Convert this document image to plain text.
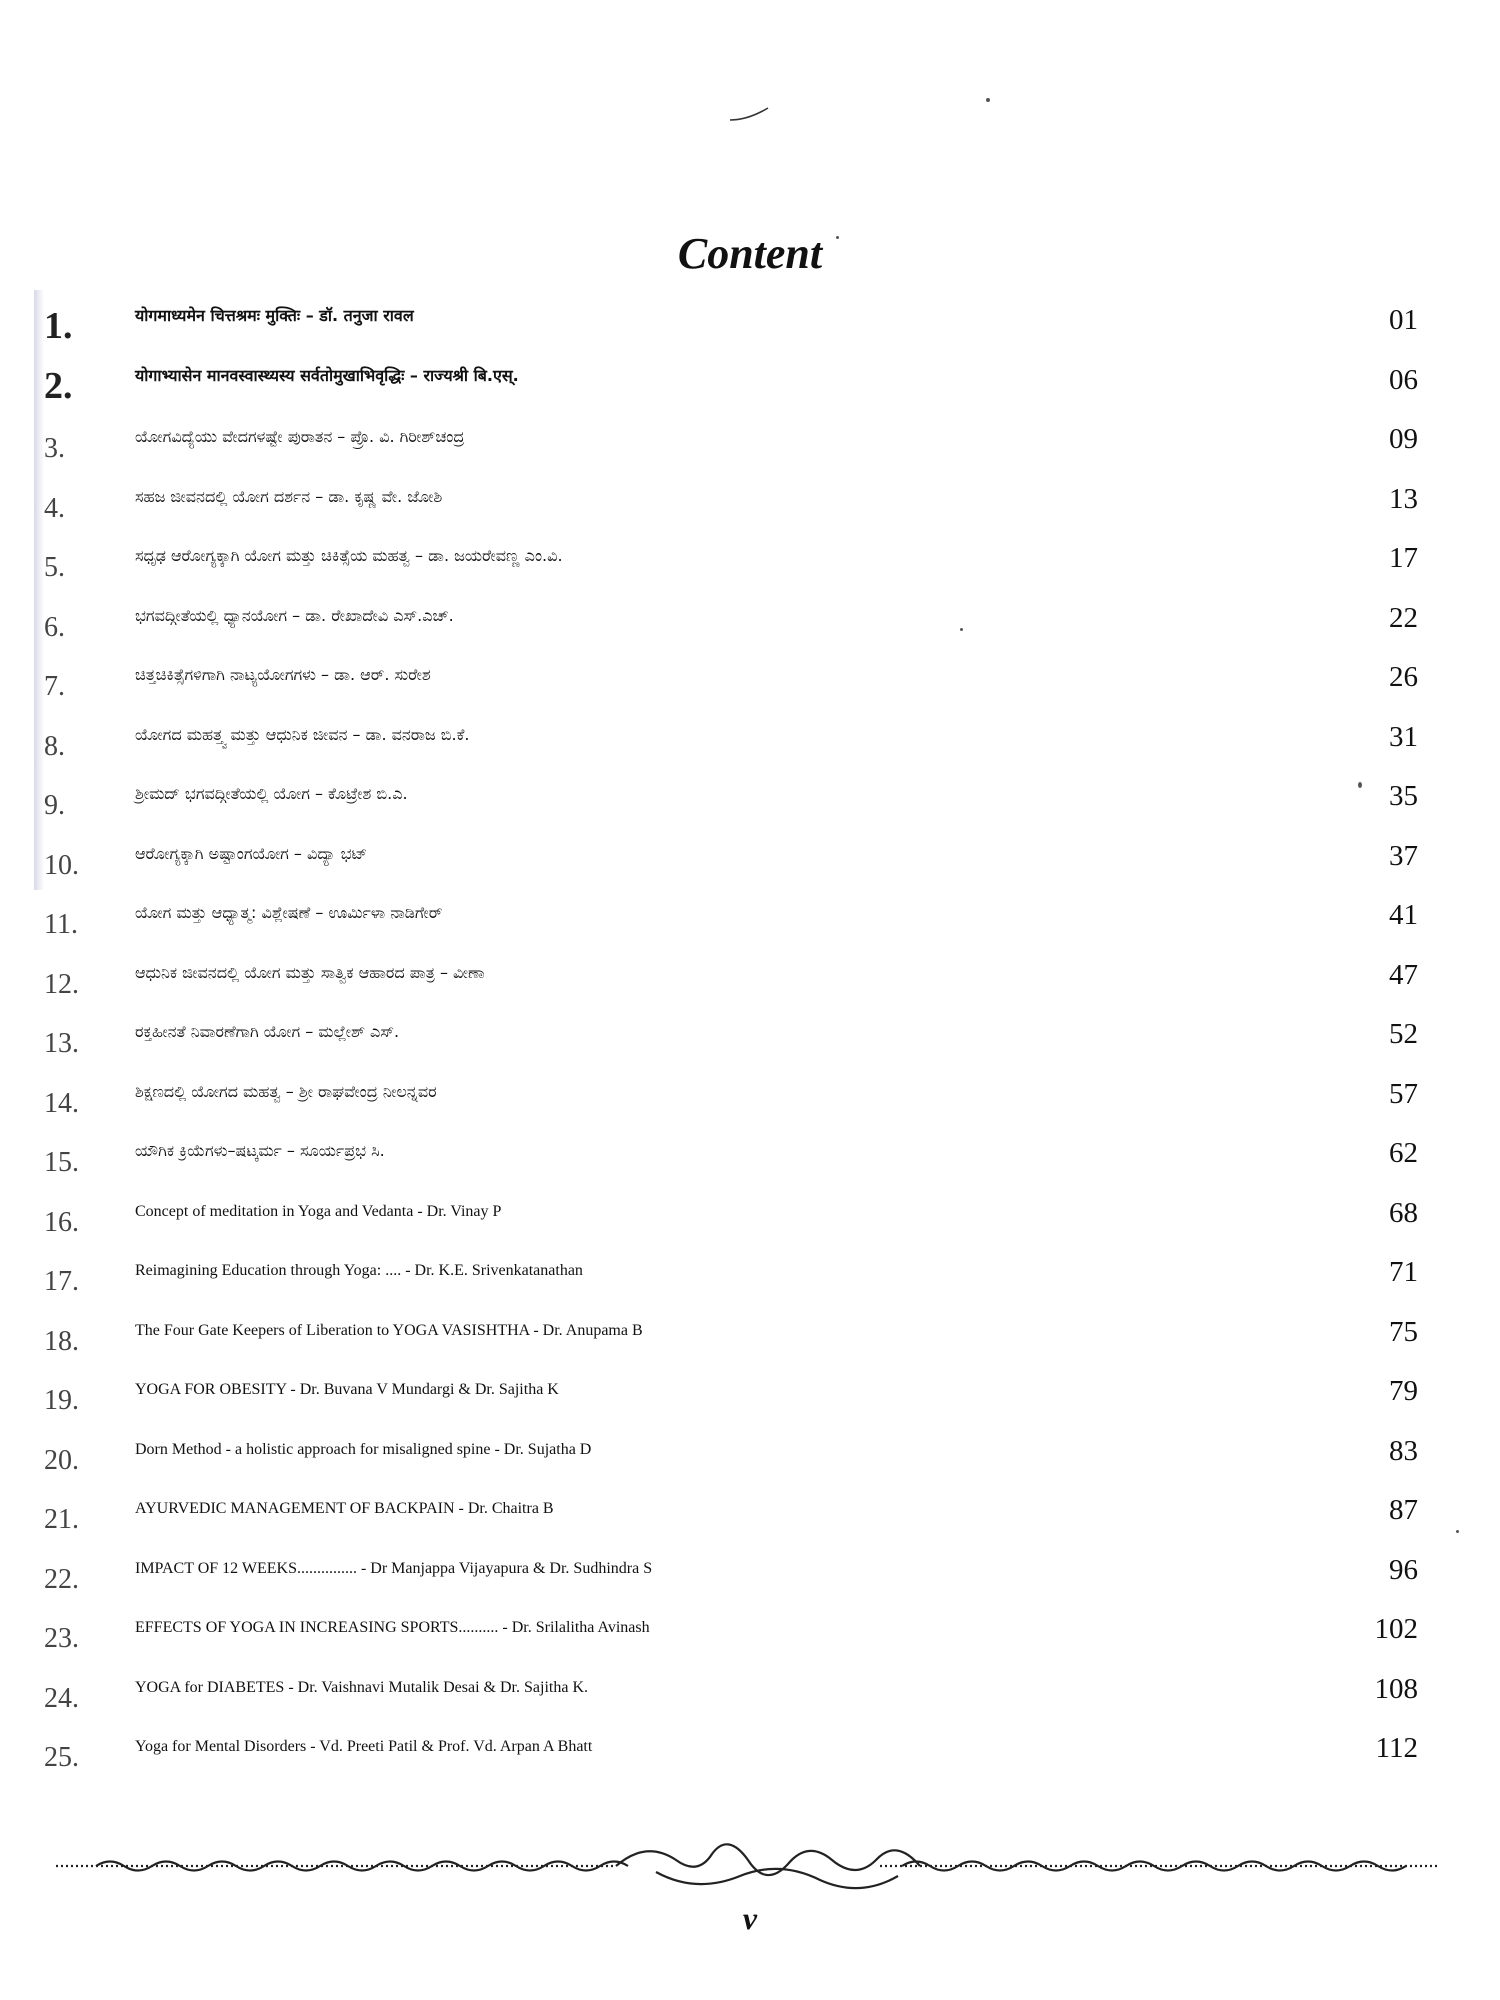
Content
1.	योगमाध्यमेन चित्तश्रमः मुक्तिः – डॉ. तनुजा रावल	01
2.	योगाभ्यासेन मानवस्वास्थ्यस्य सर्वतोमुखाभिवृद्धिः – राज्यश्री बि.एस्.	06
3.	ಯೋಗವಿದ್ಯೆಯು ವೇದಗಳಷ್ಟೇ ಪುರಾತನ – ಪ್ರೊ. ವಿ. ಗಿರೀಶ್‌ಚಂದ್ರ	09
4.	ಸಹಜ ಜೀವನದಲ್ಲಿ ಯೋಗ ದರ್ಶನ – ಡಾ. ಕೃಷ್ಣ ವೇ. ಜೋಶಿ	13
5.	ಸಧೃಢ ಆರೋಗ್ಯಕ್ಕಾಗಿ ಯೋಗ ಮತ್ತು ಚಿಕಿತ್ಸೆಯ ಮಹತ್ವ – ಡಾ. ಜಯರೇವಣ್ಣ ಎಂ.ವಿ.	17
6.	ಭಗವದ್ಗೀತೆಯಲ್ಲಿ ಧ್ಯಾನಯೋಗ – ಡಾ. ರೇಖಾದೇವಿ ಎಸ್.ಎಚ್.	22
7.	ಚಿತ್ತಚಿಕಿತ್ಸೆಗಳಿಗಾಗಿ ನಾಟ್ಯಯೋಗಗಳು – ಡಾ. ಆರ್. ಸುರೇಶ	26
8.	ಯೋಗದ ಮಹತ್ತ್ವ ಮತ್ತು ಆಧುನಿಕ ಜೀವನ – ಡಾ. ವನರಾಜ ಬಿ.ಕೆ.	31
9.	ಶ್ರೀಮದ್ ಭಗವದ್ಗೀತೆಯಲ್ಲಿ ಯೋಗ – ಕೊಟ್ರೇಶ ಬಿ.ಎ.	35
10.	ಆರೋಗ್ಯಕ್ಕಾಗಿ ಅಷ್ಟಾಂಗಯೋಗ – ವಿದ್ಯಾ ಭಟ್	37
11.	ಯೋಗ ಮತ್ತು ಆಧ್ಯಾತ್ಮ: ವಿಶ್ಲೇಷಣೆ – ಊರ್ಮಿಳಾ ನಾಡಿಗೇರ್	41
12.	ಆಧುನಿಕ ಜೀವನದಲ್ಲಿ ಯೋಗ ಮತ್ತು ಸಾತ್ವಿಕ ಆಹಾರದ ಪಾತ್ರ – ವೀಣಾ	47
13.	ರಕ್ತಹೀನತೆ ನಿವಾರಣೆಗಾಗಿ ಯೋಗ – ಮಲ್ಲೇಶ್ ಎಸ್.	52
14.	ಶಿಕ್ಷಣದಲ್ಲಿ ಯೋಗದ ಮಹತ್ವ – ಶ್ರೀ ರಾಘವೇಂದ್ರ ನೀಲನ್ನವರ	57
15.	ಯೌಗಿಕ ಕ್ರಿಯೆಗಳು–ಷಟ್ಕರ್ಮ – ಸೂರ್ಯಪ್ರಭ ಸಿ.	62
16.	Concept of meditation in Yoga and Vedanta - Dr. Vinay P	68
17.	Reimagining Education through Yoga: .... - Dr. K.E. Srivenkatanathan	71
18.	The Four Gate Keepers of Liberation to YOGA VASISHTHA - Dr. Anupama B	75
19.	YOGA FOR OBESITY - Dr. Buvana V Mundargi & Dr. Sajitha K	79
20.	Dorn Method - a holistic approach for misaligned spine - Dr. Sujatha D	83
21.	AYURVEDIC MANAGEMENT OF BACKPAIN - Dr. Chaitra B	87
22.	IMPACT OF 12 WEEKS............... - Dr Manjappa Vijayapura & Dr. Sudhindra S	96
23.	EFFECTS OF YOGA IN INCREASING SPORTS.......... - Dr. Srilalitha Avinash	102
24.	YOGA for DIABETES - Dr. Vaishnavi Mutalik Desai & Dr. Sajitha K.	108
25.	Yoga for Mental Disorders - Vd. Preeti Patil & Prof. Vd. Arpan A Bhatt	112
v
